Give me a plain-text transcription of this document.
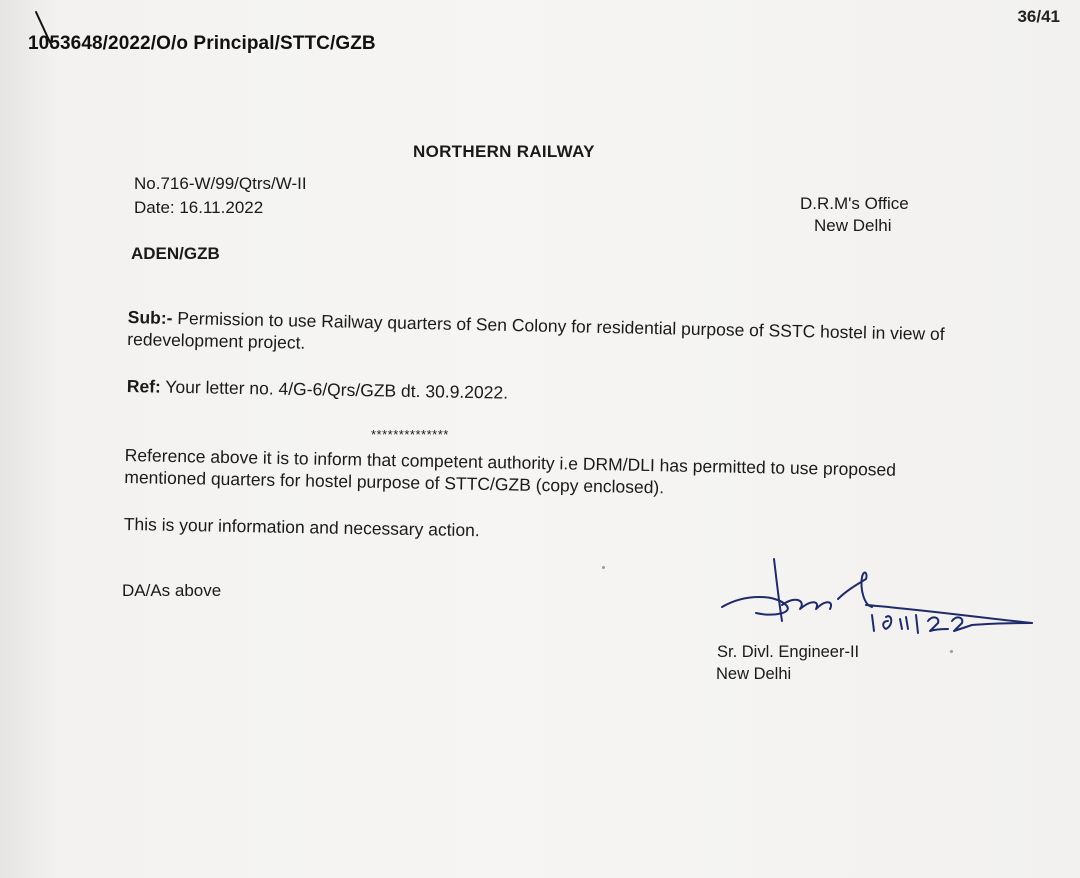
1053648/2022/O/o Principal/STTC/GZB
36/41
NORTHERN RAILWAY
No.716-W/99/Qtrs/W-II
Date: 16.11.2022	D.R.M's Office
New Delhi
ADEN/GZB
Sub:- Permission to use Railway quarters of Sen Colony for residential purpose of SSTC hostel in view of redevelopment project.
Ref: Your letter no. 4/G-6/Qrs/GZB dt. 30.9.2022.
**************
Reference above it is to inform that competent authority i.e DRM/DLI has permitted to use proposed mentioned quarters for hostel purpose of STTC/GZB (copy enclosed).
This is your information and necessary action.
DA/As above
Sr. Divl. Engineer-II
New Delhi
